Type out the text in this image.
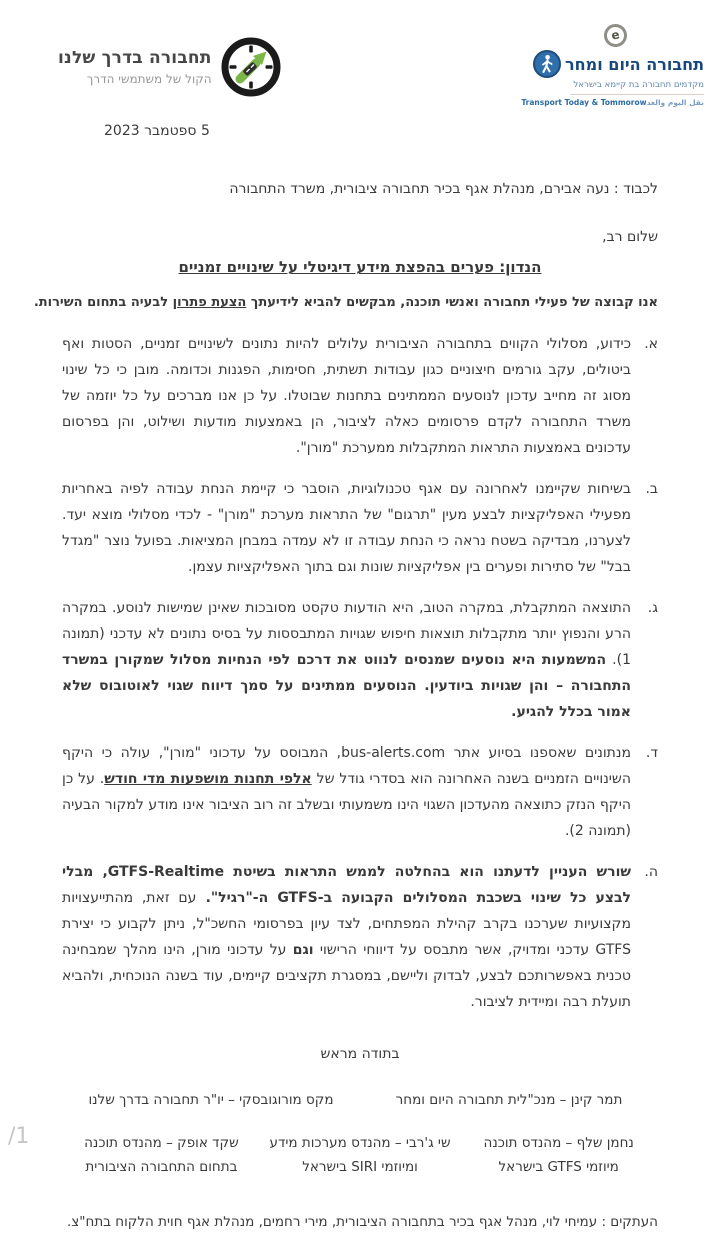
תחבורה בדרך שלנו
הקול של משתמשי הדרך
e
תחבורה היום ומחר
מקדמים תחבורה בת קיימא בישראל
نقل اليوم والغد
Transport Today & Tommorow
5 ספטמבר 2023
לכבוד : נעה אבירם, מנהלת אגף בכיר תחבורה ציבורית, משרד התחבורה
שלום רב,
הנדון: פערים בהפצת מידע דיגיטלי על שינויים זמניים
אנו קבוצה של פעילי תחבורה ואנשי תוכנה, מבקשים להביא לידיעתך הצעת פתרון לבעיה בתחום השירות.
א.
כידוע, מסלולי הקווים בתחבורה הציבורית עלולים להיות נתונים לשינויים זמניים, הסטות ואף ביטולים, עקב גורמים חיצוניים כגון עבודות תשתית, חסימות, הפגנות וכדומה. מובן כי כל שינוי מסוג זה מחייב עדכון לנוסעים הממתינים בתחנות שבוטלו. על כן אנו מברכים על כל יוזמה של משרד התחבורה לקדם פרסומים כאלה לציבור, הן באמצעות מודעות ושילוט, והן בפרסום עדכונים באמצעות התראות המתקבלות ממערכת "מורן".
ב.
בשיחות שקיימנו לאחרונה עם אגף טכנולוגיות, הוסבר כי קיימת הנחת עבודה לפיה באחריות מפעילי האפליקציות לבצע מעין "תרגום" של התראות מערכת "מורן" - לכדי מסלולי מוצא יעד. לצערנו, מבדיקה בשטח נראה כי הנחת עבודה זו לא עמדה במבחן המציאות. בפועל נוצר "מגדל בבל" של סתירות ופערים בין אפליקציות שונות וגם בתוך האפליקציות עצמן.
ג.
התוצאה המתקבלת, במקרה הטוב, היא הודעות טקסט מסובכות שאינן שמישות לנוסע. במקרה הרע והנפוץ יותר מתקבלות תוצאות חיפוש שגויות המתבססות על בסיס נתונים לא עדכני (תמונה 1). המשמעות היא נוסעים שמנסים לנווט את דרכם לפי הנחיות מסלול שמקורן במשרד התחבורה – והן שגויות ביודעין. הנוסעים ממתינים על סמך דיווח שגוי לאוטובוס שלא אמור בכלל להגיע.
ד.
מנתונים שאספנו בסיוע אתר bus-alerts.com, המבוסס על עדכוני "מורן", עולה כי היקף השינויים הזמניים בשנה האחרונה הוא בסדרי גודל של אלפי תחנות מושפעות מדי חודש. על כן היקף הנזק כתוצאה מהעדכון השגוי הינו משמעותי ובשלב זה רוב הציבור אינו מודע למקור הבעיה (תמונה 2).
ה.
שורש העניין לדעתנו הוא בהחלטה לממש התראות בשיטת GTFS-Realtime, מבלי לבצע כל שינוי בשכבת המסלולים הקבועה ב-GTFS ה-"רגיל". עם זאת, מהתייעצויות מקצועיות שערכנו בקרב קהילת המפתחים, לצד עיון בפרסומי החשכ"ל, ניתן לקבוע כי יצירת GTFS עדכני ומדויק, אשר מתבסס על דיווחי הרישוי וגם על עדכוני מורן, הינו מהלך שמבחינה טכנית באפשרותכם לבצע, לבדוק וליישם, במסגרת תקציבים קיימים, עוד בשנה הנוכחית, ולהביא תועלת רבה ומיידית לציבור.
בתודה מראש
תמר קינן – מנכ"לית תחבורה היום ומחר
מקס מורוגובסקי – יו"ר תחבורה בדרך שלנו
נחמן שלף – מהנדס תוכנה
מיוזמי GTFS בישראל
שי ג'רבי – מהנדס מערכות מידע
ומיוזמי SIRI בישראל
שקד אופק – מהנדס תוכנה
בתחום התחבורה הציבורית
העתקים : עמיחי לוי, מנהל אגף בכיר בתחבורה הציבורית, מירי רחמים, מנהלת אגף חוית הלקוח בתח"צ.
/1
